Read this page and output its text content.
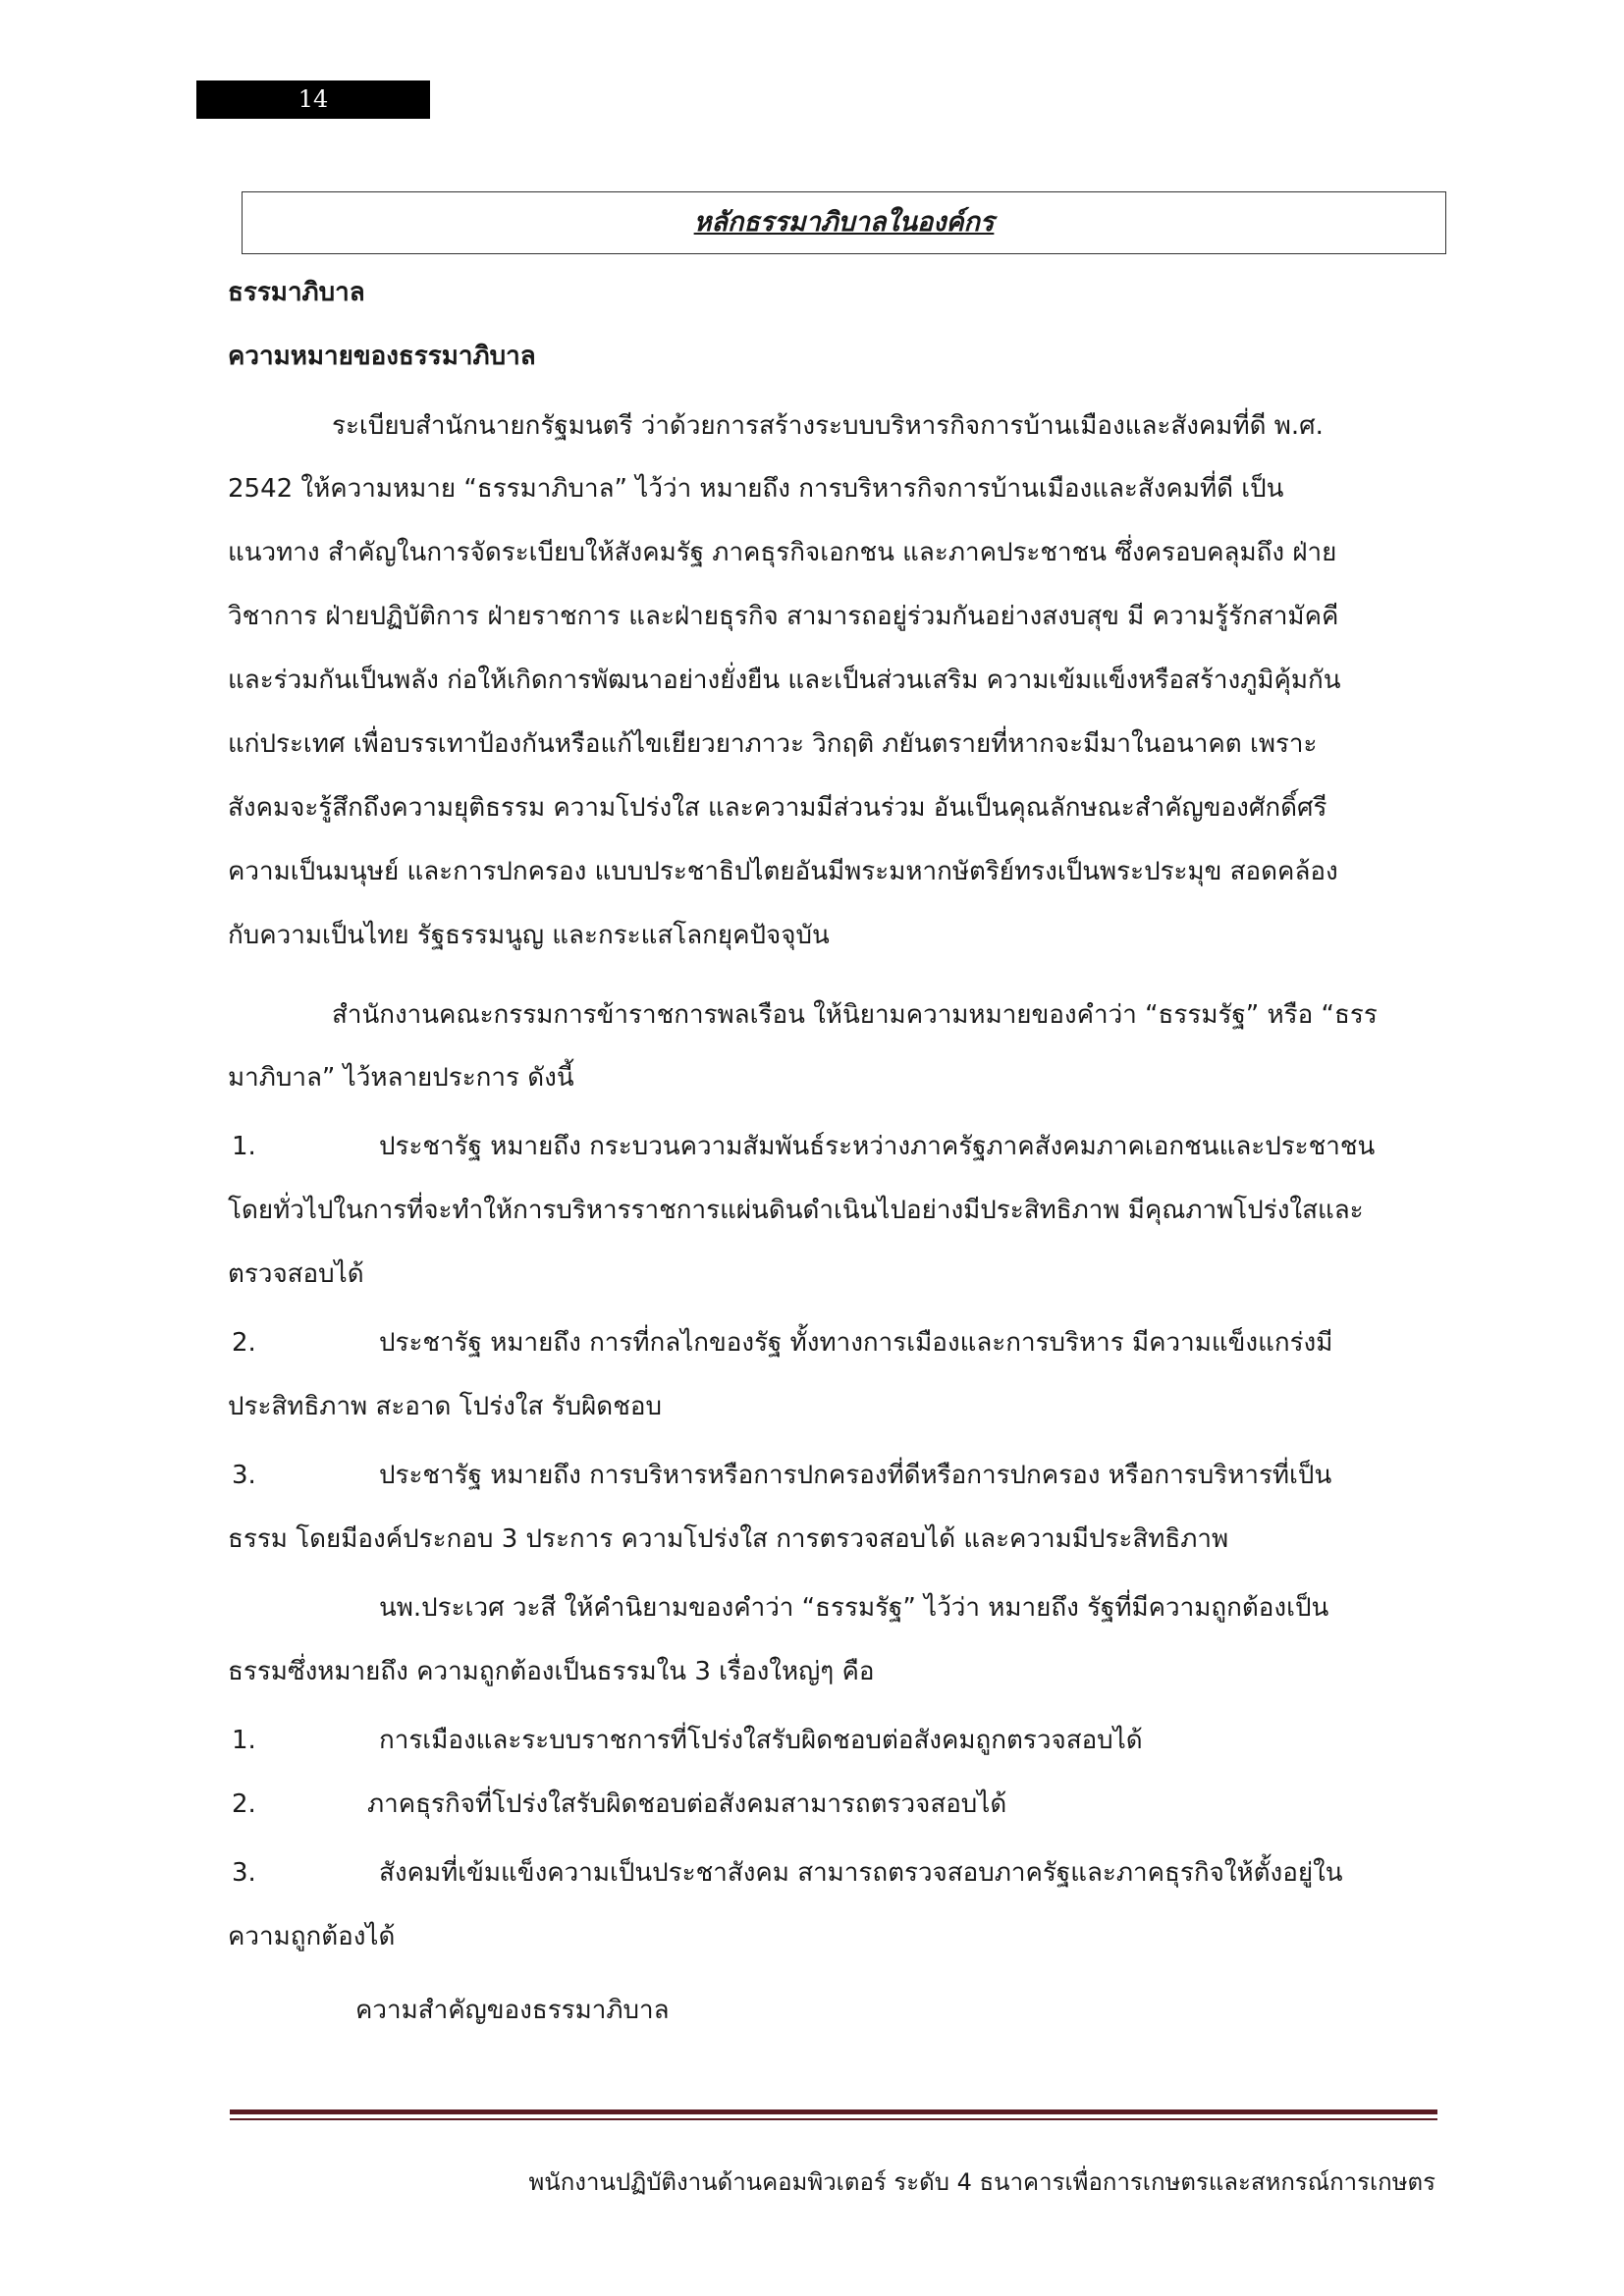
14
หลักธรรมาภิบาลในองค์กร
ธรรมาภิบาล
ความหมายของธรรมาภิบาล
ระเบียบสำนักนายกรัฐมนตรี ว่าด้วยการสร้างระบบบริหารกิจการบ้านเมืองและสังคมที่ดี พ.ศ.
2542 ให้ความหมาย “ธรรมาภิบาล” ไว้ว่า หมายถึง การบริหารกิจการบ้านเมืองและสังคมที่ดี เป็น
แนวทาง สำคัญในการจัดระเบียบให้สังคมรัฐ ภาคธุรกิจเอกชน และภาคประชาชน ซึ่งครอบคลุมถึง ฝ่าย
วิชาการ ฝ่ายปฏิบัติการ ฝ่ายราชการ และฝ่ายธุรกิจ สามารถอยู่ร่วมกันอย่างสงบสุข มี ความรู้รักสามัคคี
และร่วมกันเป็นพลัง ก่อให้เกิดการพัฒนาอย่างยั่งยืน และเป็นส่วนเสริม ความเข้มแข็งหรือสร้างภูมิคุ้มกัน
แก่ประเทศ เพื่อบรรเทาป้องกันหรือแก้ไขเยียวยาภาวะ วิกฤติ ภยันตรายที่หากจะมีมาในอนาคต เพราะ
สังคมจะรู้สึกถึงความยุติธรรม ความโปร่งใส และความมีส่วนร่วม อันเป็นคุณลักษณะสำคัญของศักดิ์ศรี
ความเป็นมนุษย์ และการปกครอง แบบประชาธิปไตยอันมีพระมหากษัตริย์ทรงเป็นพระประมุข สอดคล้อง
กับความเป็นไทย รัฐธรรมนูญ และกระแสโลกยุคปัจจุบัน
สำนักงานคณะกรรมการข้าราชการพลเรือน ให้นิยามความหมายของคำว่า “ธรรมรัฐ” หรือ “ธรร
มาภิบาล” ไว้หลายประการ ดังนี้
1.	ประชารัฐ หมายถึง กระบวนความสัมพันธ์ระหว่างภาครัฐภาคสังคมภาคเอกชนและประชาชน
โดยทั่วไปในการที่จะทำให้การบริหารราชการแผ่นดินดำเนินไปอย่างมีประสิทธิภาพ มีคุณภาพโปร่งใสและ
ตรวจสอบได้
2.	ประชารัฐ หมายถึง การที่กลไกของรัฐ ทั้งทางการเมืองและการบริหาร มีความแข็งแกร่งมี
ประสิทธิภาพ สะอาด โปร่งใส รับผิดชอบ
3.	ประชารัฐ หมายถึง การบริหารหรือการปกครองที่ดีหรือการปกครอง หรือการบริหารที่เป็น
ธรรม โดยมีองค์ประกอบ 3 ประการ ความโปร่งใส การตรวจสอบได้ และความมีประสิทธิภาพ
นพ.ประเวศ วะสี ให้คำนิยามของคำว่า “ธรรมรัฐ” ไว้ว่า หมายถึง รัฐที่มีความถูกต้องเป็น
ธรรมซึ่งหมายถึง ความถูกต้องเป็นธรรมใน 3 เรื่องใหญ่ๆ คือ
1.	การเมืองและระบบราชการที่โปร่งใสรับผิดชอบต่อสังคมถูกตรวจสอบได้
2.	ภาคธุรกิจที่โปร่งใสรับผิดชอบต่อสังคมสามารถตรวจสอบได้
3.	สังคมที่เข้มแข็งความเป็นประชาสังคม สามารถตรวจสอบภาครัฐและภาคธุรกิจให้ตั้งอยู่ใน
ความถูกต้องได้
ความสำคัญของธรรมาภิบาล
พนักงานปฏิบัติงานด้านคอมพิวเตอร์ ระดับ 4 ธนาคารเพื่อการเกษตรและสหกรณ์การเกษตร
